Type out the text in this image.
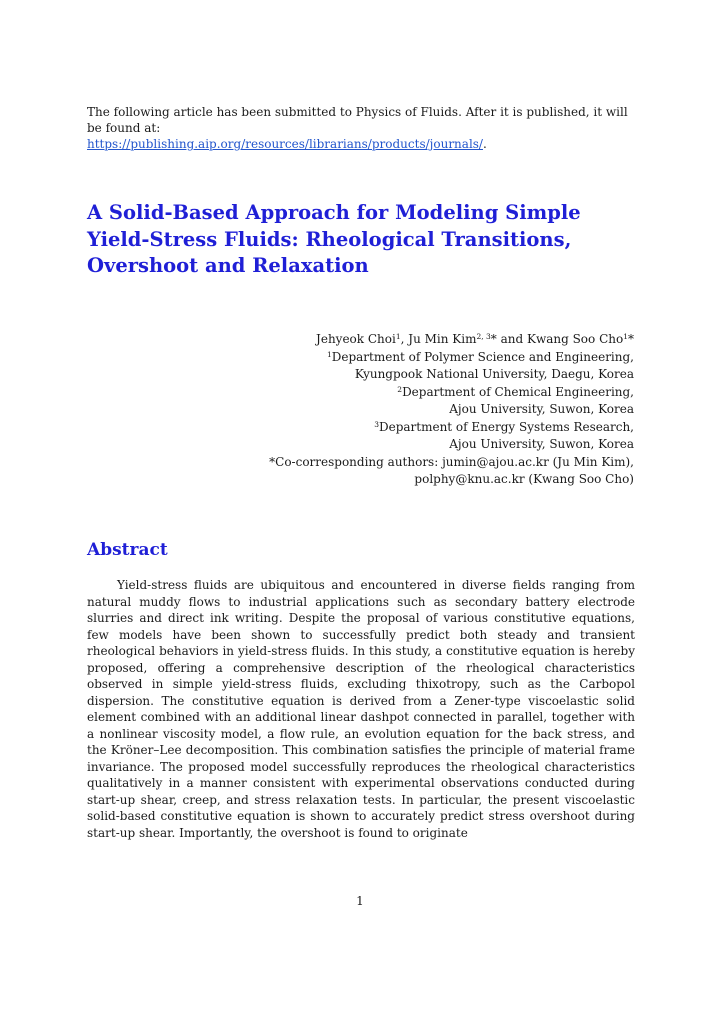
The following article has been submitted to Physics of Fluids. After it is published, it will be found at:
https://publishing.aip.org/resources/librarians/products/journals/.
A Solid-Based Approach for Modeling Simple Yield-Stress Fluids: Rheological Transitions, Overshoot and Relaxation
Jehyeok Choi$^1$, Ju Min Kim$^{2, 3}$* and Kwang Soo Cho$^1$*
$^1$Department of Polymer Science and Engineering,
Kyungpook National University, Daegu, Korea
$^2$Department of Chemical Engineering,
Ajou University, Suwon, Korea
$^3$Department of Energy Systems Research,
Ajou University, Suwon, Korea
*Co-corresponding authors: jumin@ajou.ac.kr (Ju Min Kim),
polphy@knu.ac.kr (Kwang Soo Cho)
Abstract

Yield-stress fluids are ubiquitous and encountered in diverse fields ranging from natural muddy flows to industrial applications such as secondary battery electrode slurries and direct ink writing. Despite the proposal of various constitutive equations, few models have been shown to successfully predict both steady and transient rheological behaviors in yield-stress fluids. In this study, a constitutive equation is hereby proposed, offering a comprehensive description of the rheological characteristics observed in simple yield-stress fluids, excluding thixotropy, such as the Carbopol dispersion. The constitutive equation is derived from a Zener-type viscoelastic solid element combined with an additional linear dashpot connected in parallel, together with a nonlinear viscosity model, a flow rule, an evolution equation for the back stress, and the Kröner–Lee decomposition. This combination satisfies the principle of material frame invariance. The proposed model successfully reproduces the rheological characteristics qualitatively in a manner consistent with experimental observations conducted during start-up shear, creep, and stress relaxation tests. In particular, the present viscoelastic solid-based constitutive equation is shown to accurately predict stress overshoot during start-up shear. Importantly, the overshoot is found to originate

1
